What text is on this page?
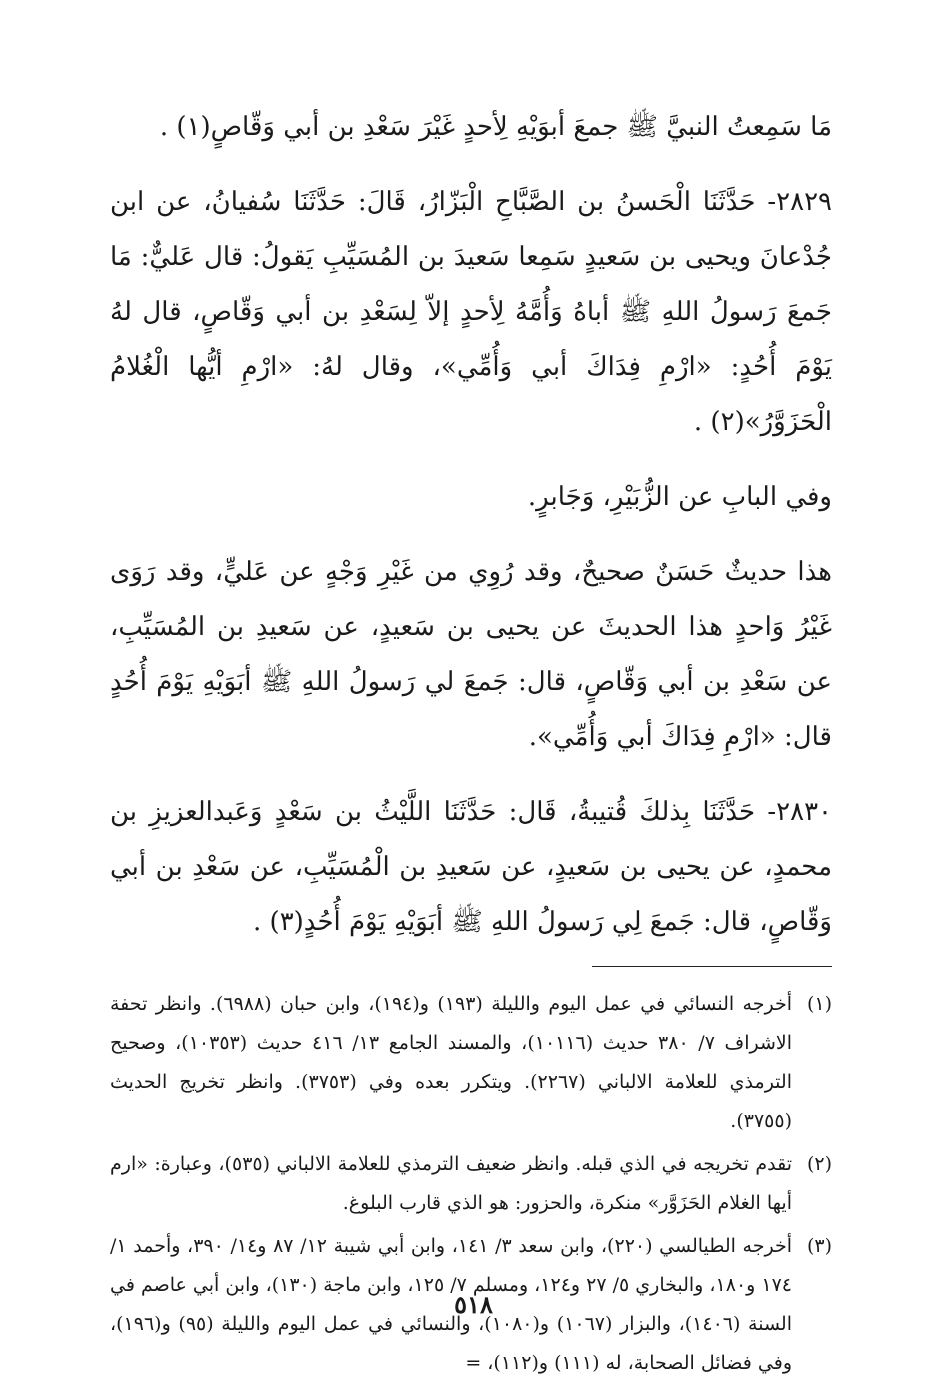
مَا سَمِعتُ النبيَّ ﷺ جمعَ أبوَيْهِ لِأحدٍ غَيْرَ سَعْدِ بن أبي وَقّاصٍ(١) .

٢٨٢٩- حَدَّثَنَا الْحَسنُ بن الصَّبَّاحِ الْبَزّارُ، قَالَ: حَدَّثَنَا سُفيانُ، عن ابن جُدْعانَ ويحيى بن سَعيدٍ سَمِعا سَعيدَ بن المُسَيِّبِ يَقولُ: قال عَليٌّ: مَا جَمعَ رَسولُ اللهِ ﷺ أباهُ وَأُمَّهُ لِأحدٍ إلاّ لِسَعْدِ بن أبي وَقّاصٍ، قال لهُ يَوْمَ أُحُدٍ: «ارْمِ فِدَاكَ أبي وَأُمِّي»، وقال لهُ: «ارْمِ أيُّها الْغُلامُ الْحَزَوَّرُ»(٢) .

وفي البابِ عن الزُّبَيْرِ، وَجَابرٍ.

هذا حديثٌ حَسَنٌ صحيحٌ، وقد رُوِي من غَيْرِ وَجْهٍ عن عَليٍّ، وقد رَوَى غَيْرُ وَاحدٍ هذا الحديثَ عن يحيى بن سَعيدٍ، عن سَعيدِ بن المُسَيِّبِ، عن سَعْدِ بن أبي وَقّاصٍ، قال: جَمعَ لي رَسولُ اللهِ ﷺ أبَوَيْهِ يَوْمَ أُحُدٍ قال: «ارْمِ فِدَاكَ أبي وَأُمِّي».

٢٨٣٠- حَدَّثَنَا بِذلكَ قُتيبةُ، قَال: حَدَّثَنَا اللَّيْثُ بن سَعْدٍ وَعَبدالعزيزِ بن محمدٍ، عن يحيى بن سَعيدٍ، عن سَعيدِ بن الْمُسَيِّبِ، عن سَعْدِ بن أبي وَقّاصٍ، قال: جَمعَ لِي رَسولُ اللهِ ﷺ أبَوَيْهِ يَوْمَ أُحُدٍ(٣) .

(١)
أخرجه النسائي في عمل اليوم والليلة (١٩٣) و(١٩٤)، وابن حبان (٦٩٨٨). وانظر تحفة الاشراف ٧/ ٣٨٠ حديث (١٠١١٦)، والمسند الجامع ١٣/ ٤١٦ حديث (١٠٣٥٣)، وصحيح الترمذي للعلامة الالباني (٢٢٦٧). ويتكرر بعده وفي (٣٧٥٣). وانظر تخريج الحديث (٣٧٥٥).
(٢)
تقدم تخريجه في الذي قبله. وانظر ضعيف الترمذي للعلامة الالباني (٥٣٥)، وعبارة: «ارم أيها الغلام الحَزَوَّر» منكرة، والحزور: هو الذي قارب البلوغ.
(٣)
أخرجه الطيالسي (٢٢٠)، وابن سعد ٣/ ١٤١، وابن أبي شيبة ١٢/ ٨٧ و١٤/ ٣٩٠، وأحمد ١/ ١٧٤ و١٨٠، والبخاري ٥/ ٢٧ و١٢٤، ومسلم ٧/ ١٢٥، وابن ماجة (١٣٠)، وابن أبي عاصم في السنة (١٤٠٦)، والبزار (١٠٦٧) و(١٠٨٠)، والنسائي في عمل اليوم والليلة (٩٥) و(١٩٦)، وفي فضائل الصحابة، له (١١١) و(١١٢)، =
٥١٨
